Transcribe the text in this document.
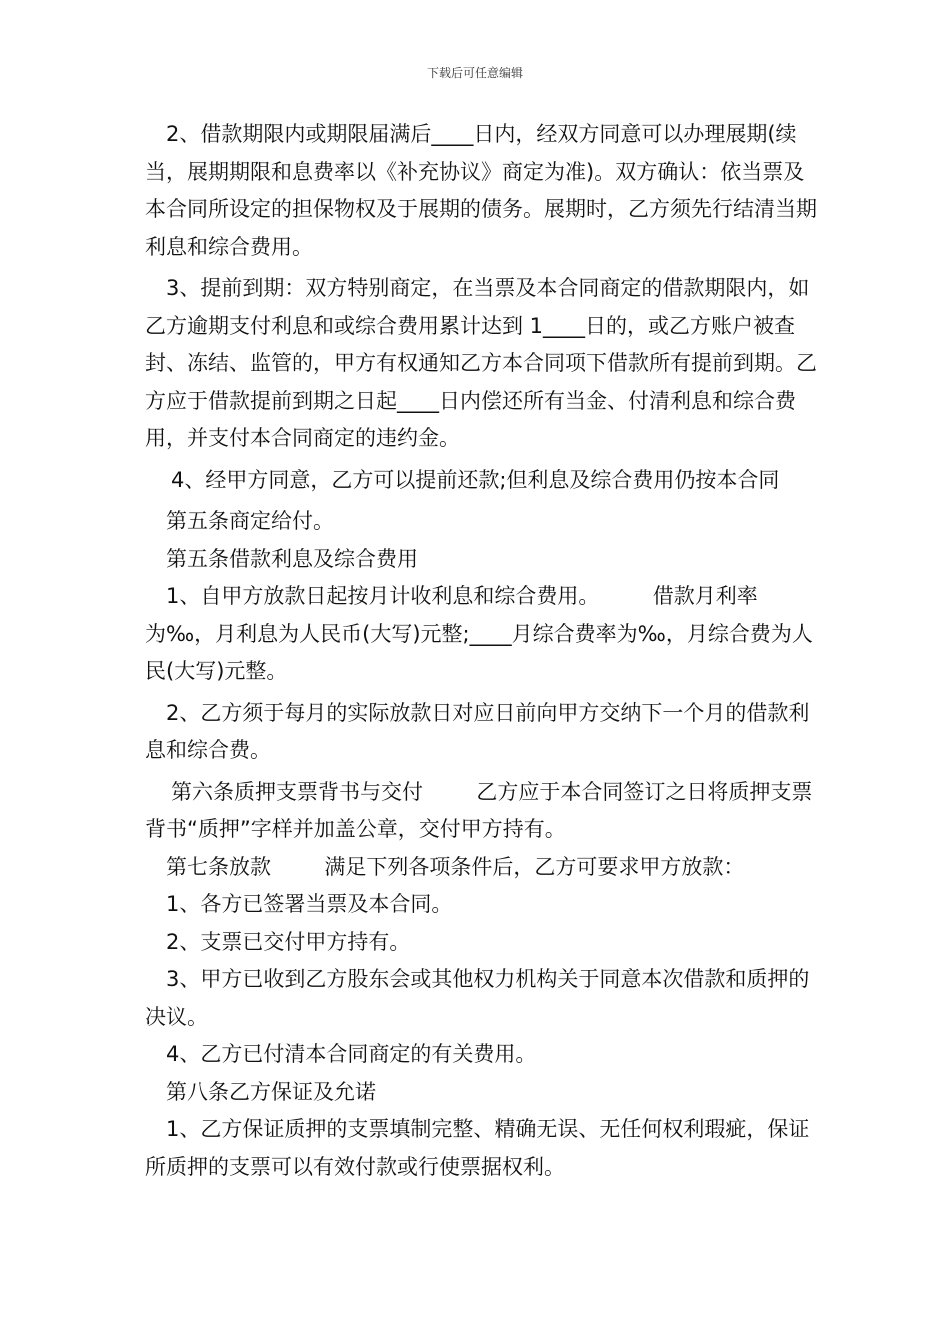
下载后可任意编辑

2、借款期限内或期限届满后____日内，经双方同意可以办理展期(续当，展期期限和息费率以《补充协议》商定为准)。双方确认：依当票及本合同所设定的担保物权及于展期的债务。展期时，乙方须先行结清当期利息和综合费用。

3、提前到期：双方特别商定，在当票及本合同商定的借款期限内，如乙方逾期支付利息和或综合费用累计达到 1____日的，或乙方账户被查封、冻结、监管的，甲方有权通知乙方本合同项下借款所有提前到期。乙方应于借款提前到期之日起____日内偿还所有当金、付清利息和综合费用，并支付本合同商定的违约金。

4、经甲方同意，乙方可以提前还款;但利息及综合费用仍按本合同

第五条商定给付。

第五条借款利息及综合费用

1、自甲方放款日起按月计收利息和综合费用。        借款月利率为‰，月利息为人民币(大写)元整;____月综合费率为‰，月综合费为人民(大写)元整。

2、乙方须于每月的实际放款日对应日前向甲方交纳下一个月的借款利息和综合费。

第六条质押支票背书与交付        乙方应于本合同签订之日将质押支票背书“质押”字样并加盖公章，交付甲方持有。

第七条放款        满足下列各项条件后，乙方可要求甲方放款：

1、各方已签署当票及本合同。

2、支票已交付甲方持有。

3、甲方已收到乙方股东会或其他权力机构关于同意本次借款和质押的决议。

4、乙方已付清本合同商定的有关费用。

第八条乙方保证及允诺

1、乙方保证质押的支票填制完整、精确无误、无任何权利瑕疵，保证所质押的支票可以有效付款或行使票据权利。
